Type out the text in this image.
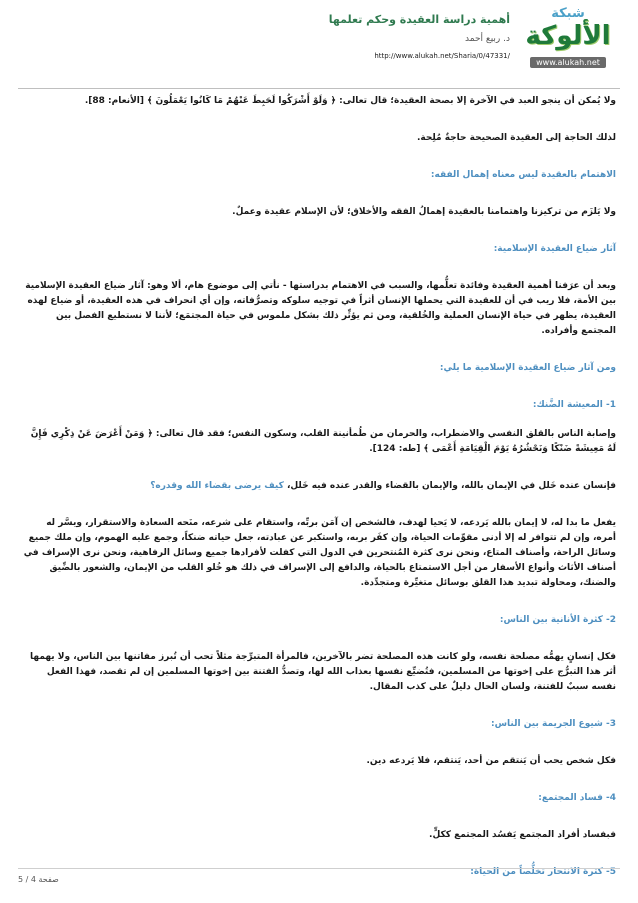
شبكة
الألوكة
www.alukah.net
أهمية دراسة العقيدة وحكم تعلمها
د. ربيع أحمد
http://www.alukah.net/Sharia/0/47331/

ولا يُمكن أن ينجو العبد في الآخرة إلا بصحة العقيدة؛ قال تعالى: ﴿ وَلَوْ أَشْرَكُوا لَحَبِطَ عَنْهُمْ مَا كَانُوا يَعْمَلُونَ ﴾ [الأنعام: 88].

لذلك الحاجة إلى العقيدة الصحيحة حاجةٌ مُلِحة.

الاهتمام بالعقيدة ليس معناه إهمال الفقه:

ولا يَلزَم من تركيزنا واهتمامنا بالعقيدة إهمالُ الفقه والأخلاق؛ لأن الإسلام عقيدة وعملٌ.

آثار ضياع العقيدة الإسلامية:

وبعد أن عرَفنا أهمية العقيدة وفائدة تعلُّمها، والسبب في الاهتمام بدراستها - نأتي إلى موضوع هام، ألا وهو: آثار ضياع العقيدة الإسلامية بين الأمة، فلا ريب في أن للعقيدة التي يحملها الإنسان أثراً في توجيه سلوكه وتصرُّفاته، وإن أي انحراف في هذه العقيدة، أو ضياع لهذه العقيدة، يظهر في حياة الإنسان العملية والخُلقية، ومن ثم يؤثِّر ذلك بشكل ملموس في حياة المجتمَع؛ لأننا لا نستطيع الفصل بين المجتمع وأفراده.

ومن آثار ضياع العقيدة الإسلامية ما يلي:

1- المعيشة الضَّنك:

وإصابة الناس بالقلق النفسي والاضطراب، والحرمان من طُمأنينة القلب، وسكون النفس؛ فقد قال تعالى: ﴿ وَمَنْ أَعْرَضَ عَنْ ذِكْرِي فَإِنَّ لَهُ مَعِيشَةً ضَنْكًا وَنَحْشُرُهُ يَوْمَ الْقِيَامَةِ أَعْمَى ﴾ [طه: 124].

فإنسان عنده خَلل في الإيمان بالله، والإيمان بالقضاء والقدر عنده فيه خَلل، كيف يرضى بقضاء الله وقدره؟

يفعل ما بدا له، لا إيمان بالله يَردعه، لا يَحيا لهدف، فالشخص إن آمَن بربِّه، واستقام على شرعه، منَحه السعادة والاستقرار، ويسَّر له أمره، وإن لم تتوافر له إلا أدنى مقوِّمات الحياة، وإن كفَر بربه، واستكبر عن عبادته، جعل حياته ضنكاً، وجمع عليه الهموم، وإن ملك جميع وسائل الراحة، وأصناف المتاع، ونحن نرى كثرة المُنتحرين في الدول التي كفلت لأفرادها جميع وسائل الرفاهية، ونحن نرى الإسراف في أصناف الأثاث وأنواع الأسفار من أجل الاستمتاع بالحياة، والدافع إلى الإسراف في ذلك هو خُلو القلب من الإيمان، والشعور بالضِّيق والضنك، ومحاولة تبديد هذا القلق بوسائل متغيِّرة ومتجدِّدة.

2- كثرة الأنانية بين الناس:

فكل إنسانٍ يهمُّه مصلحة نفسه، ولو كانت هذه المصلحة تضر بالآخرين، فالمرأة المتبرِّجة مثلاً تحب أن تُبرز مفاتنها بين الناس، ولا يهمها أثر هذا التبرُّج على إخوتها من المسلمين، فتُضيِّع نفسها بعذاب الله لها، وتصدُّ الفتنة بين إخوتها المسلمين إن لم تقصد، فهذا الفعل نفسه سببٌ للفتنة، ولسان الحال دليلٌ على كذب المقال.

3- شيوع الجريمة بين الناس:

فكل شخص يحب أن يَنتقم من أحد، يَنتقم، فلا يَردعه دين.

4- فساد المجتمع:

فبفساد أفراد المجتمع يَفسُد المجتمع ككلٍّ.

5- كثرة الانتحار تخلُّصاً من الحياة:

صفحة 4 / 5
